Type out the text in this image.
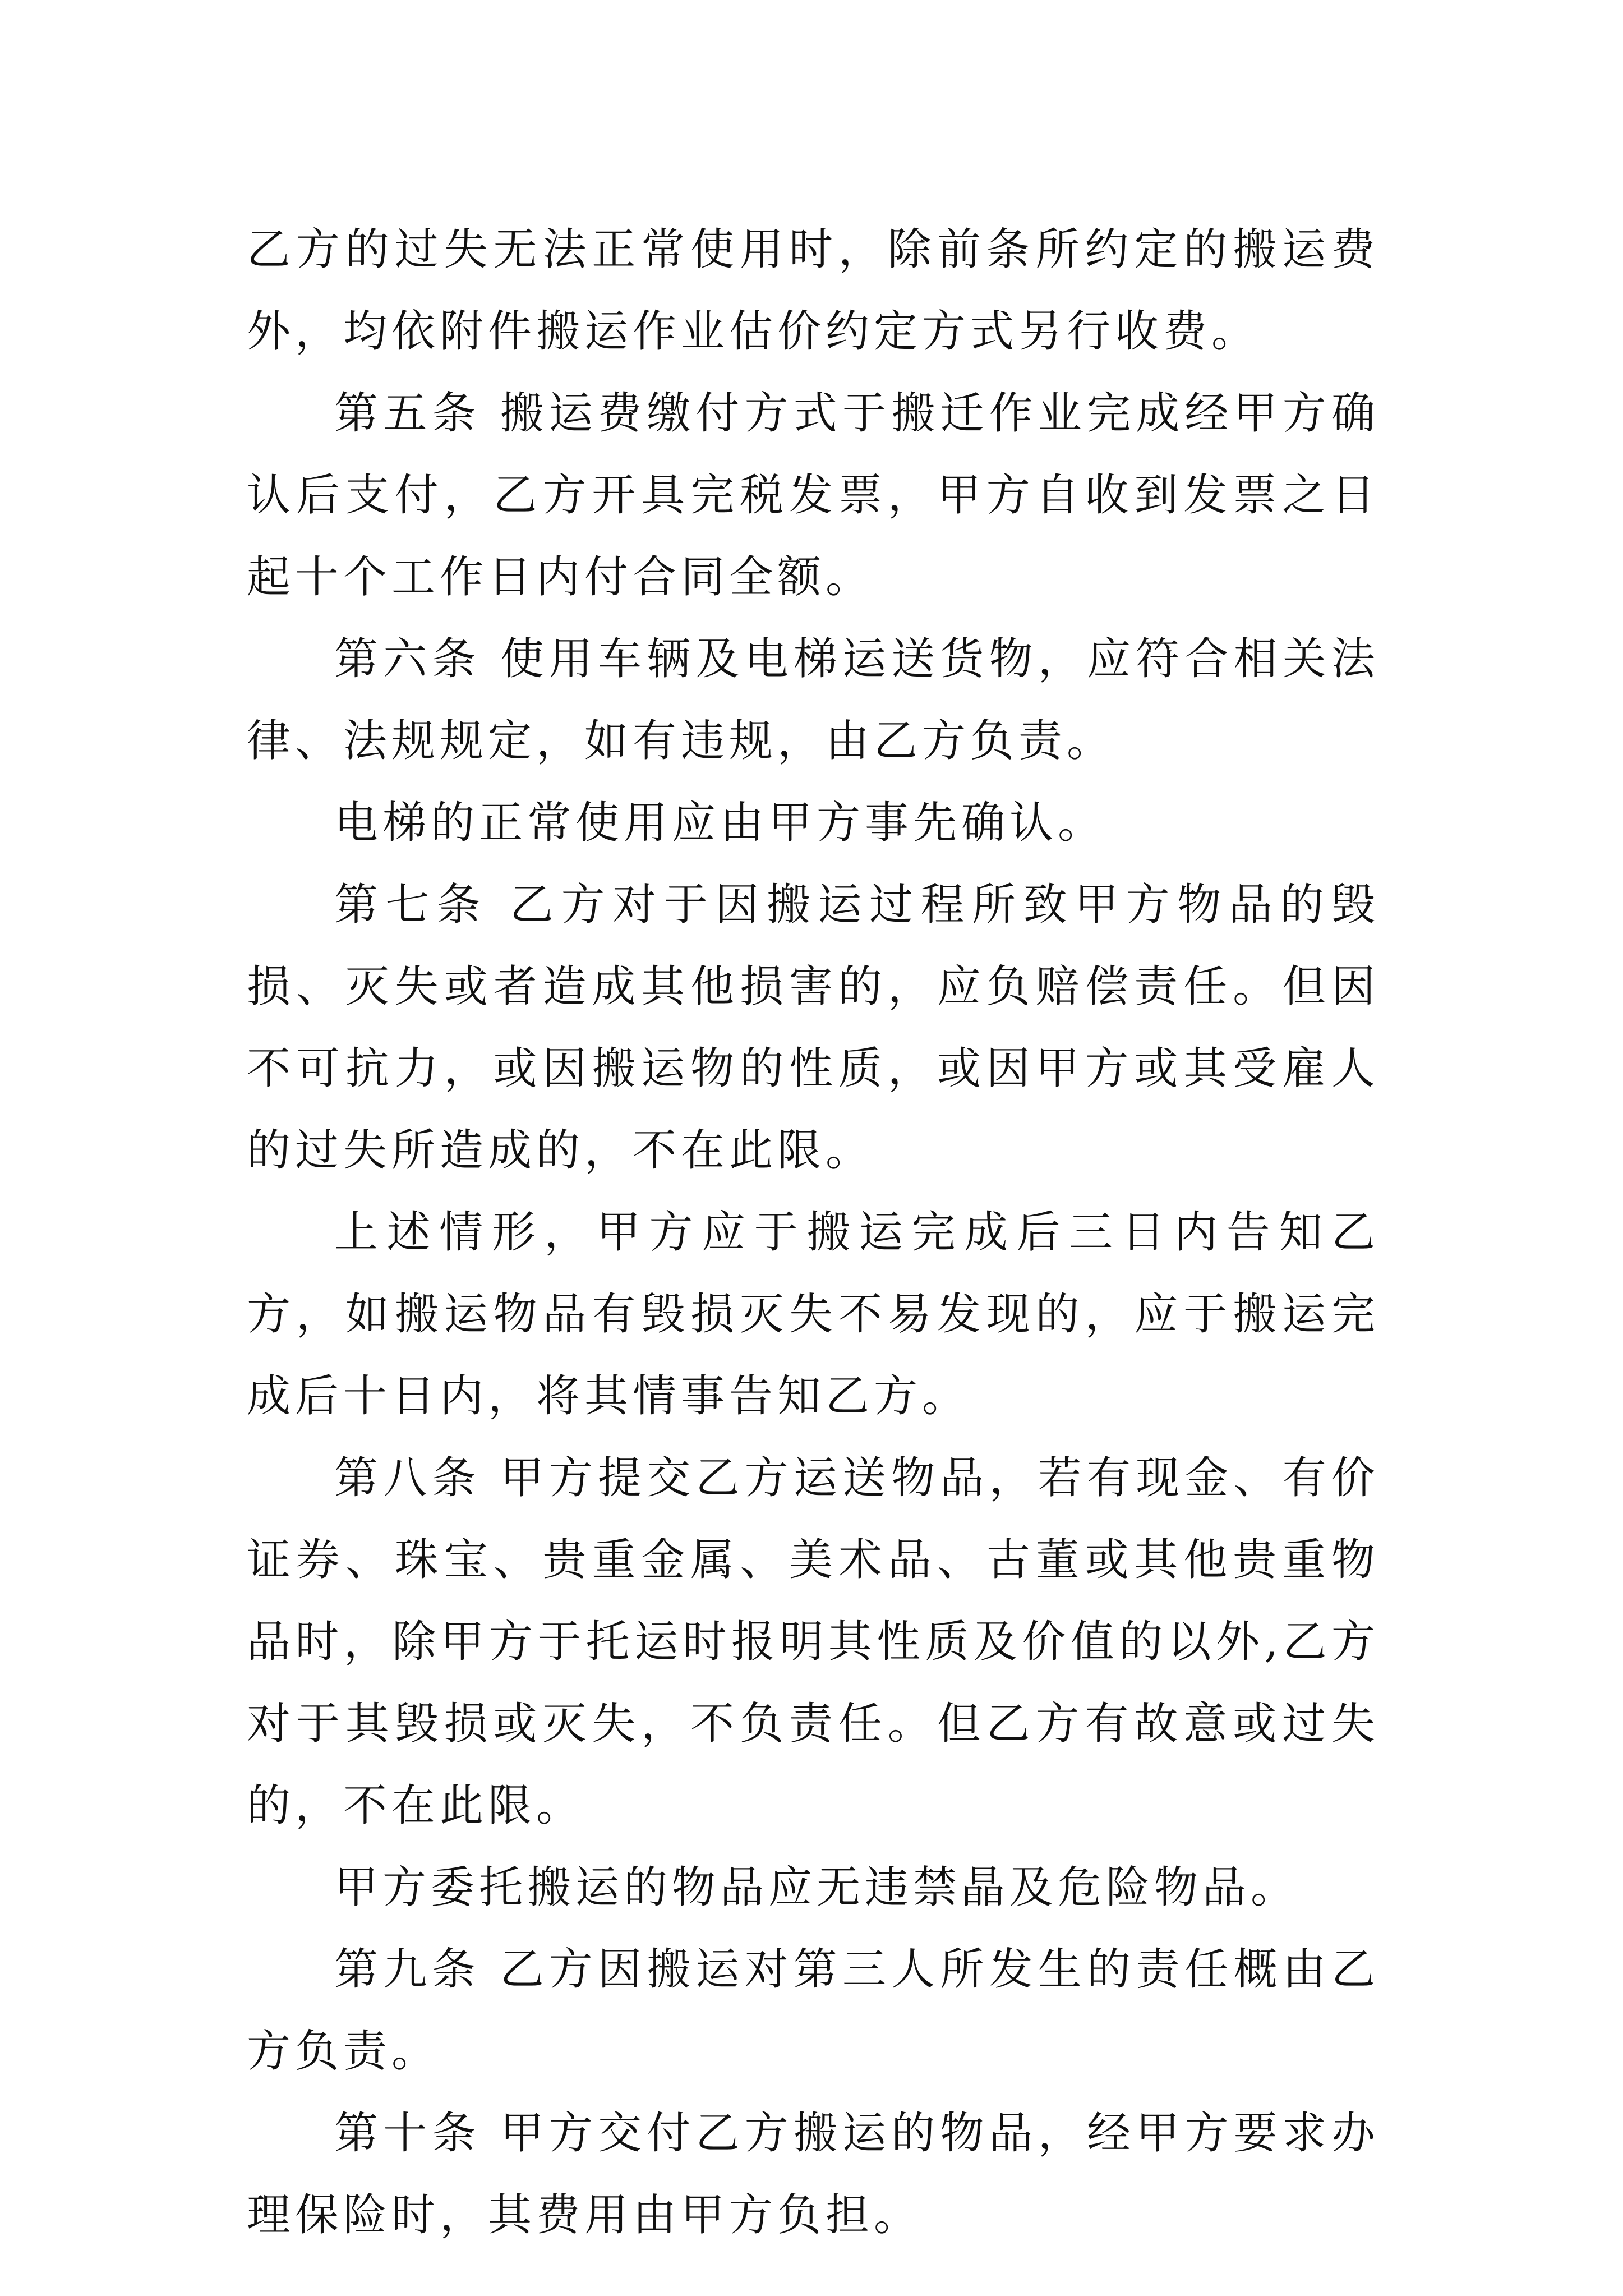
乙方的过失无法正常使用时，除前条所约定的搬运费外，均依附件搬运作业估价约定方式另行收费。

第五条 搬运费缴付方式于搬迁作业完成经甲方确认后支付，乙方开具完税发票，甲方自收到发票之日起十个工作日内付合同全额。

第六条 使用车辆及电梯运送货物，应符合相关法律、法规规定，如有违规，由乙方负责。

电梯的正常使用应由甲方事先确认。

第七条 乙方对于因搬运过程所致甲方物品的毁损、灭失或者造成其他损害的，应负赔偿责任。但因不可抗力，或因搬运物的性质，或因甲方或其受雇人的过失所造成的，不在此限。

上述情形，甲方应于搬运完成后三日内告知乙方，如搬运物品有毁损灭失不易发现的，应于搬运完成后十日内，将其情事告知乙方。

第八条 甲方提交乙方运送物品，若有现金、有价证券、珠宝、贵重金属、美术品、古董或其他贵重物品时，除甲方于托运时报明其性质及价值的以外,乙方对于其毁损或灭失，不负责任。但乙方有故意或过失的，不在此限。

甲方委托搬运的物品应无违禁晶及危险物品。

第九条 乙方因搬运对第三人所发生的责任概由乙方负责。

第十条 甲方交付乙方搬运的物品，经甲方要求办理保险时，其费用由甲方负担。
